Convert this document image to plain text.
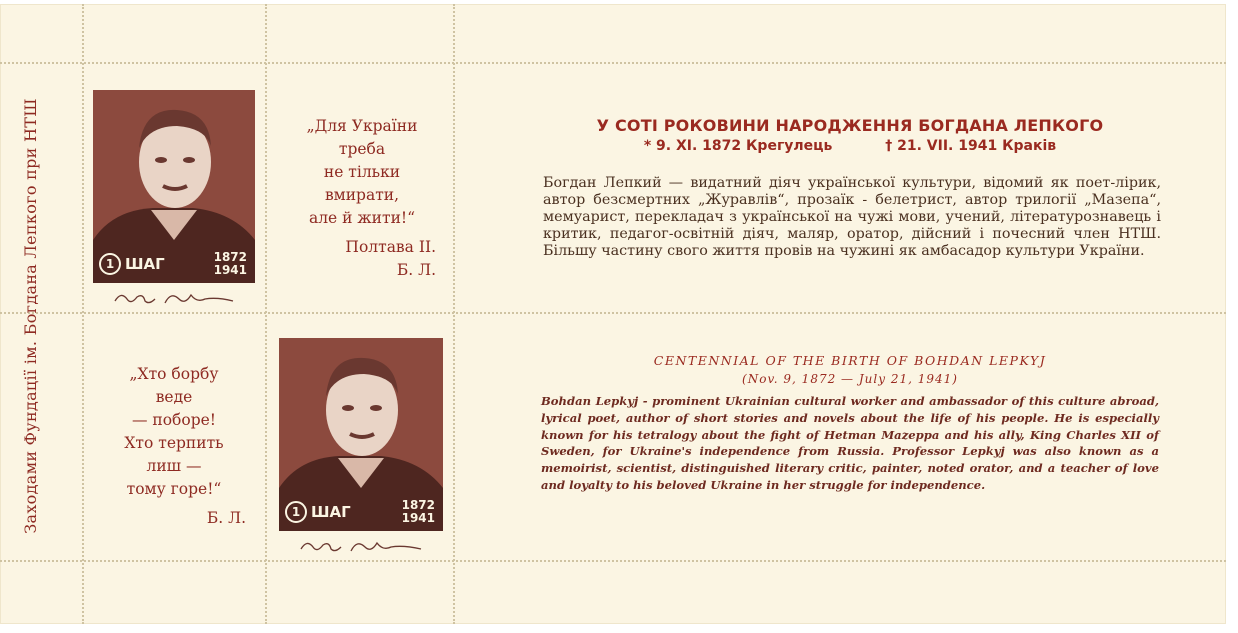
Заходами Фундації ім. Богдана Лепкого при НТШ	1 ШАГ	1872
1941
1 ШАГ	1872
1941
„Для України
треба
не тільки
вмирати,
але й жити!“
Полтава II.
Б. Л.
„Хто борбу
веде
— поборе!
Хто терпить
лиш —
тому горе!“
Б. Л.
У СОТІ РОКОВИНИ НАРОДЖЕННЯ БОГДАНА ЛЕПКОГО
* 9. XI. 1872 Крегулець	† 21. VII. 1941 Краків
Богдан Лепкий — видатний діяч української культури, відомий як поет-лірик, автор безсмертних „Журавлів“, прозаїк - белетрист, автор трилогії „Мазепа“, мемуарист, перекладач з української на чужі мови, учений, літературознавець і критик, педагог-освітній діяч, маляр, оратор, дійсний і почесний член НТШ. Більшу частину свого життя провів на чужині як амбасадор культури України.
CENTENNIAL OF THE BIRTH OF BOHDAN LEPKYJ
(Nov. 9, 1872 — July 21, 1941)
Bohdan Lepkyj - prominent Ukrainian cultural worker and ambassador of this culture abroad, lyrical poet, author of short stories and novels about the life of his people. He is especially known for his tetralogy about the fight of Hetman Mazeppa and his ally, King Charles XII of Sweden, for Ukraine's independence from Russia. Professor Lepkyj was also known as a memoirist, scientist, distinguished literary critic, painter, noted orator, and a teacher of love and loyalty to his beloved Ukraine in her struggle for independence.
